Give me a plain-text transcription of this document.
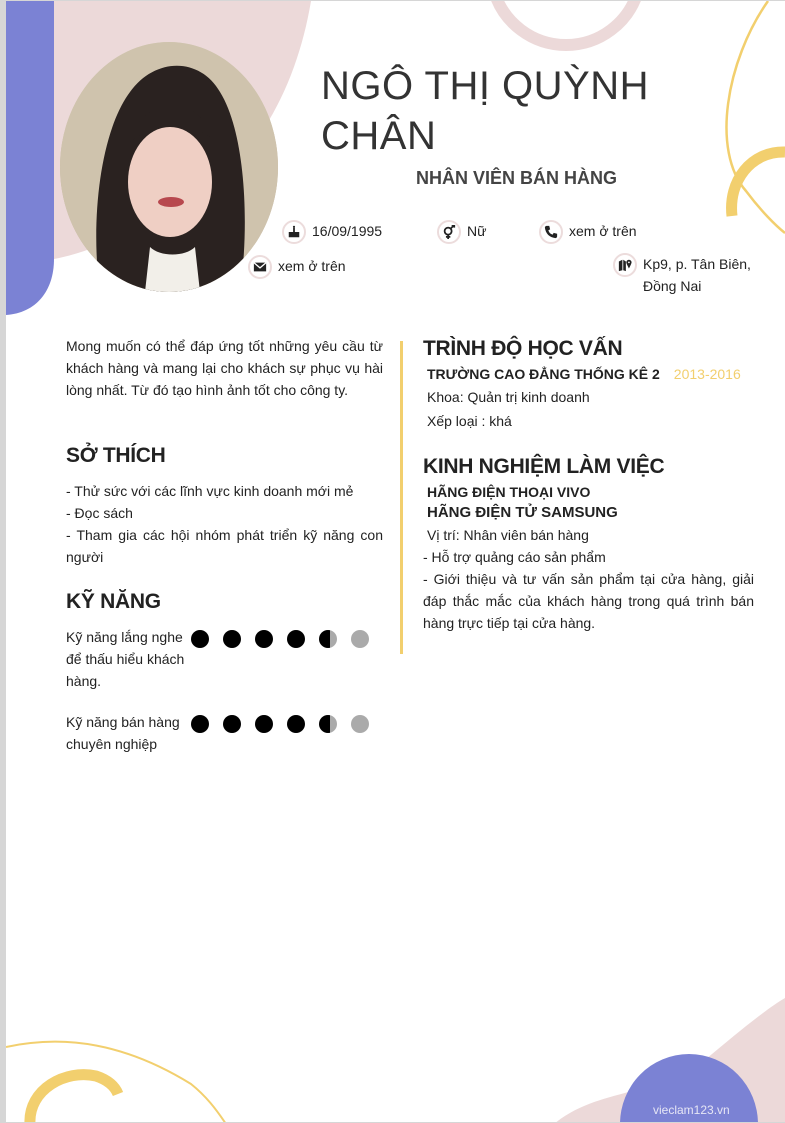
NGÔ THỊ QUỲNH
CHÂN
NHÂN VIÊN BÁN HÀNG
16/09/1995	Nữ	xem ở trên
xem ở trên	Kp9, p. Tân Biên,
Đồng Nai
Mong muốn có thể đáp ứng tốt những yêu cầu từ khách hàng và mang lại cho khách sự phục vụ hài lòng nhất. Từ đó tạo hình ảnh tốt cho công ty.
SỞ THÍCH
- Thử sức với các lĩnh vực kinh doanh mới mẻ
- Đọc sách
- Tham gia các hội nhóm phát triển kỹ năng con người
KỸ NĂNG
Kỹ năng lắng nghe để thấu hiểu khách hàng.
Kỹ năng bán hàng chuyên nghiệp
TRÌNH ĐỘ HỌC VẤN
TRƯỜNG CAO ĐẲNG THỐNG KÊ 2 2013-2016
Khoa: Quản trị kinh doanh
Xếp loại : khá
KINH NGHIỆM LÀM VIỆC
HÃNG ĐIỆN THOẠI VIVO
HÃNG ĐIỆN TỬ SAMSUNG
Vị trí: Nhân viên bán hàng
- Hỗ trợ quảng cáo sản phẩm
- Giới thiệu và tư vấn sản phẩm tại cửa hàng, giải đáp thắc mắc của khách hàng trong quá trình bán hàng trực tiếp tại cửa hàng.
vieclam123.vn
